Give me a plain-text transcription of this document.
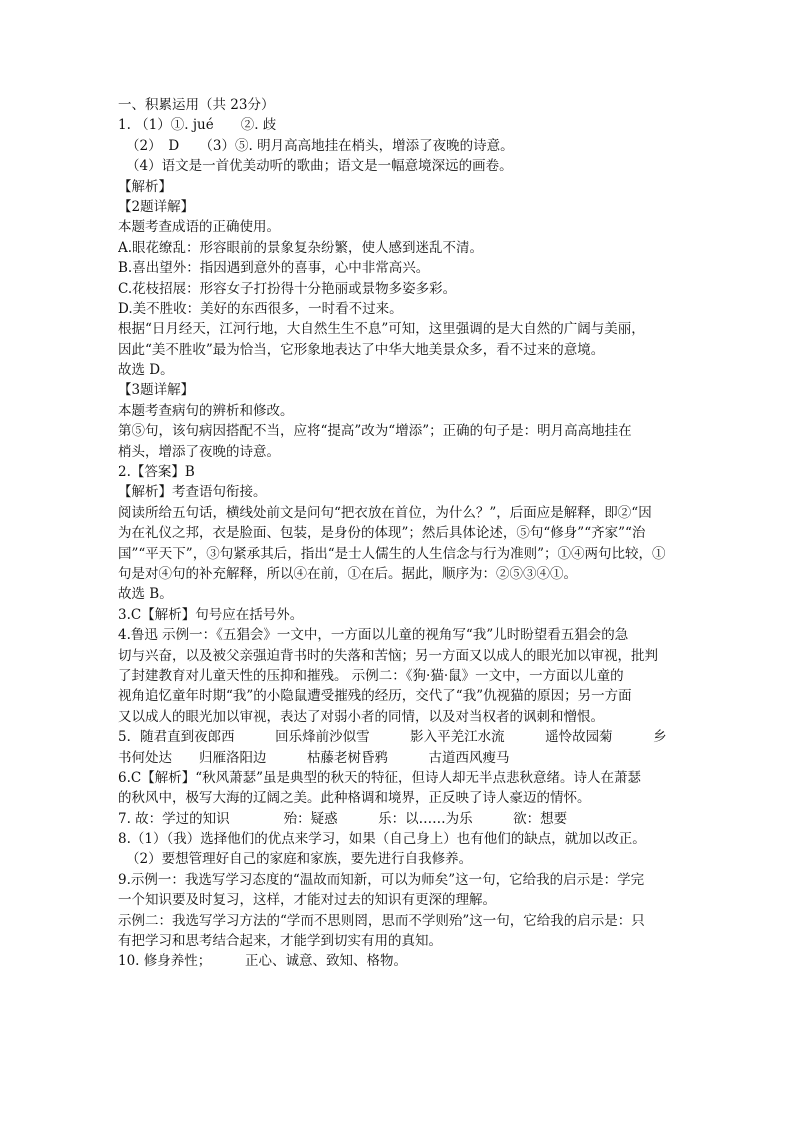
一、积累运用（共 23分）
1. （1）①. jué　　②. 歧
（2）　D　　（3）⑤. 明月高高地挂在梢头，增添了夜晚的诗意。
（4）语文是一首优美动听的歌曲；语文是一幅意境深远的画卷。
【解析】
【2题详解】
本题考查成语的正确使用。
A.眼花缭乱：形容眼前的景象复杂纷繁，使人感到迷乱不清。
B.喜出望外：指因遇到意外的喜事，心中非常高兴。
C.花枝招展：形容女子打扮得十分艳丽或景物多姿多彩。
D.美不胜收：美好的东西很多，一时看不过来。
根据“日月经天，江河行地，大自然生生不息”可知，这里强调的是大自然的广阔与美丽，
因此“美不胜收”最为恰当，它形象地表达了中华大地美景众多，看不过来的意境。
故选 D。
【3题详解】
本题考查病句的辨析和修改。
第⑤句，该句病因搭配不当，应将“提高”改为“增添”；正确的句子是：明月高高地挂在
梢头，增添了夜晚的诗意。
2.【答案】B
【解析】考查语句衔接。
阅读所给五句话，横线处前文是问句“把衣放在首位，为什么？”，后面应是解释，即②“因
为在礼仪之邦，衣是脸面、包装，是身份的体现”；然后具体论述，⑤句“修身”“齐家”“治
国”“平天下”，③句紧承其后，指出“是士人儒生的人生信念与行为准则”；①④两句比较，①
句是对④句的补充解释，所以④在前，①在后。据此，顺序为：②⑤③④①。
故选 B。
3.C【解析】句号应在括号外。
4.鲁迅 示例一：《五猖会》一文中，一方面以儿童的视角写“我”儿时盼望看五猖会的急
切与兴奋，以及被父亲强迫背书时的失落和苦恼；另一方面又以成人的眼光加以审视，批判
了封建教育对儿童天性的压抑和摧残。 示例二：《狗·猫·鼠》一文中，一方面以儿童的
视角追忆童年时期“我”的小隐鼠遭受摧残的经历，交代了“我”仇视猫的原因；另一方面
又以成人的眼光加以审视，表达了对弱小者的同情，以及对当权者的讽刺和憎恨。
5．随君直到夜郎西　　　回乐烽前沙似雪　　　影入平羌江水流　　　遥怜故园菊　　　乡
书何处达　　归雁洛阳边　　　枯藤老树昏鸦　　　古道西风瘦马
6.C【解析】“秋风萧瑟”虽是典型的秋天的特征，但诗人却无半点悲秋意绪。诗人在萧瑟
的秋风中，极写大海的辽阔之美。此种格调和境界，正反映了诗人豪迈的情怀。
7. 故：学过的知识　　　　殆：疑惑　　　乐：以……为乐　　　欲：想要
8.（1）（我）选择他们的优点来学习，如果（自己身上）也有他们的缺点，就加以改正。
（2）要想管理好自己的家庭和家族，要先进行自我修养。
9.示例一：我选写学习态度的“温故而知新，可以为师矣”这一句，它给我的启示是：学完
一个知识要及时复习，这样，才能对过去的知识有更深的理解。
示例二：我选写学习方法的“学而不思则罔，思而不学则殆”这一句，它给我的启示是：只
有把学习和思考结合起来，才能学到切实有用的真知。
10. 修身养性；　　　正心、诚意、致知、格物。
